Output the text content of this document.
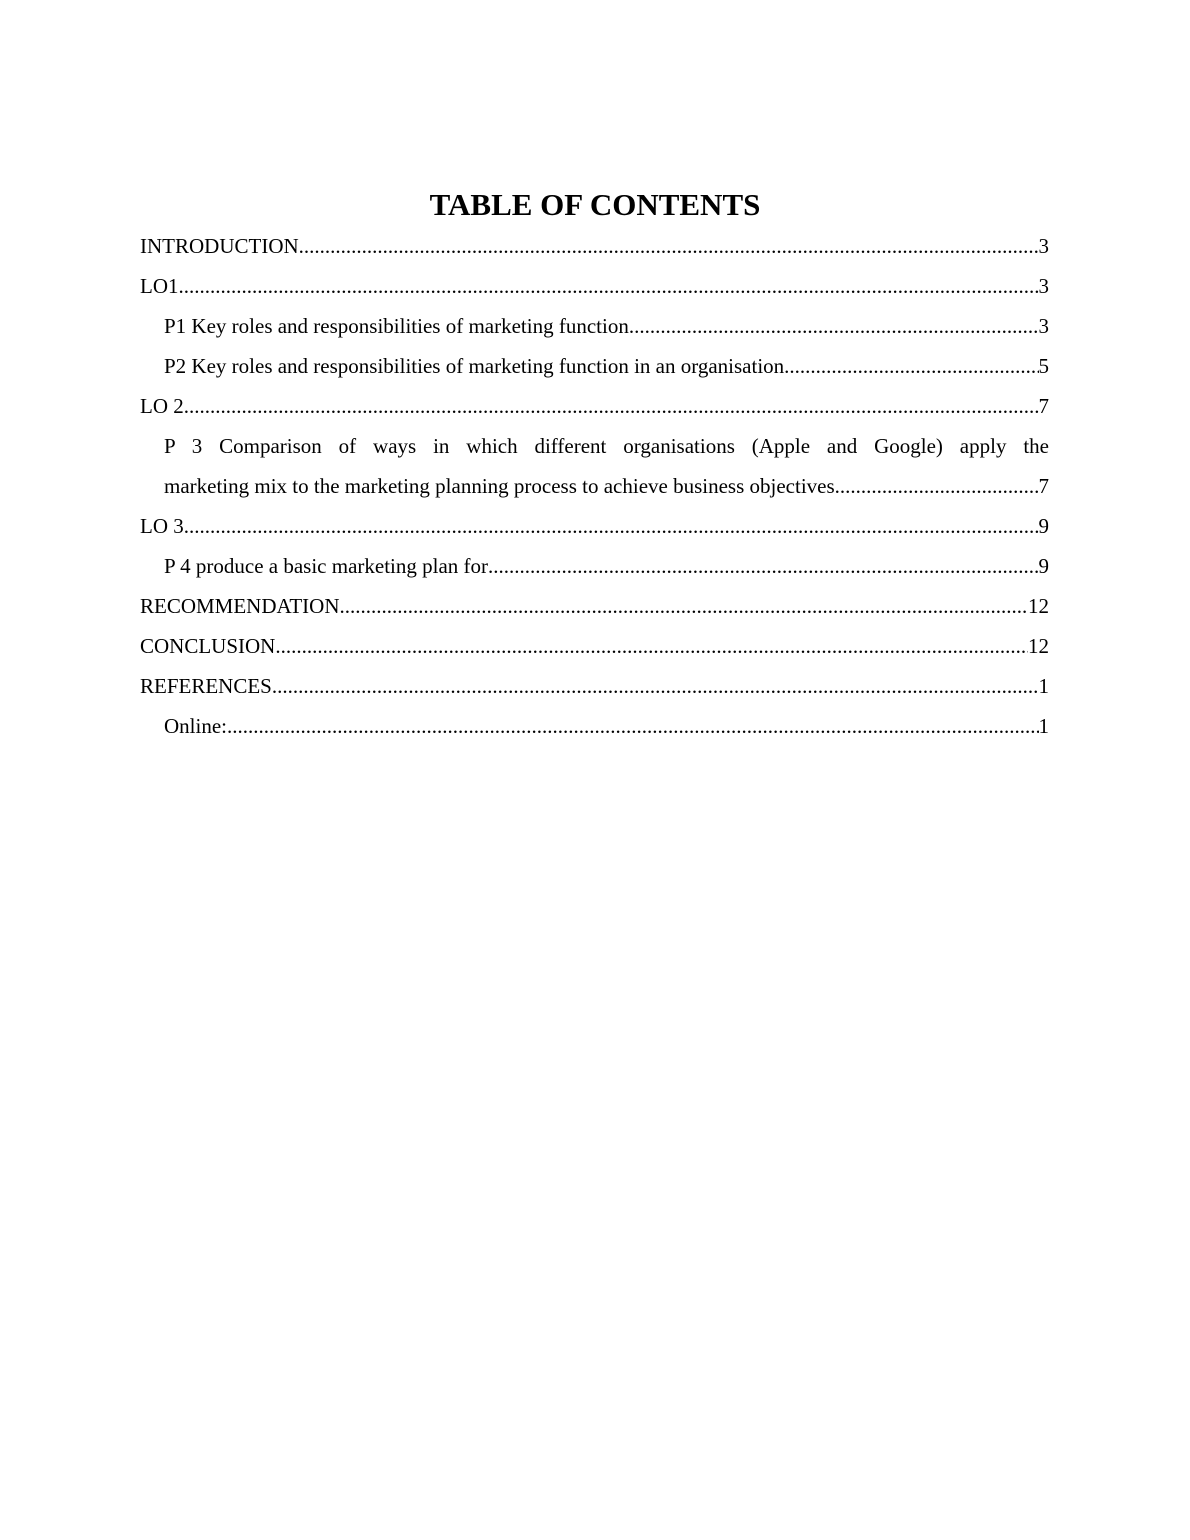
TABLE OF CONTENTS
INTRODUCTION .....	3
LO1 .....	3
P1 Key roles and responsibilities of marketing function .....	3
P2 Key roles and responsibilities of marketing function in an organisation .....	5
LO 2 .....	7
P 3 Comparison of ways in which different organisations (Apple and Google) apply the
marketing mix to the marketing planning process to achieve business objectives .....	7
LO 3 .....	9
P 4 produce a basic marketing plan for .....	9
RECOMMENDATION .....	12
CONCLUSION .....	12
REFERENCES .....	1
Online: .....	1
